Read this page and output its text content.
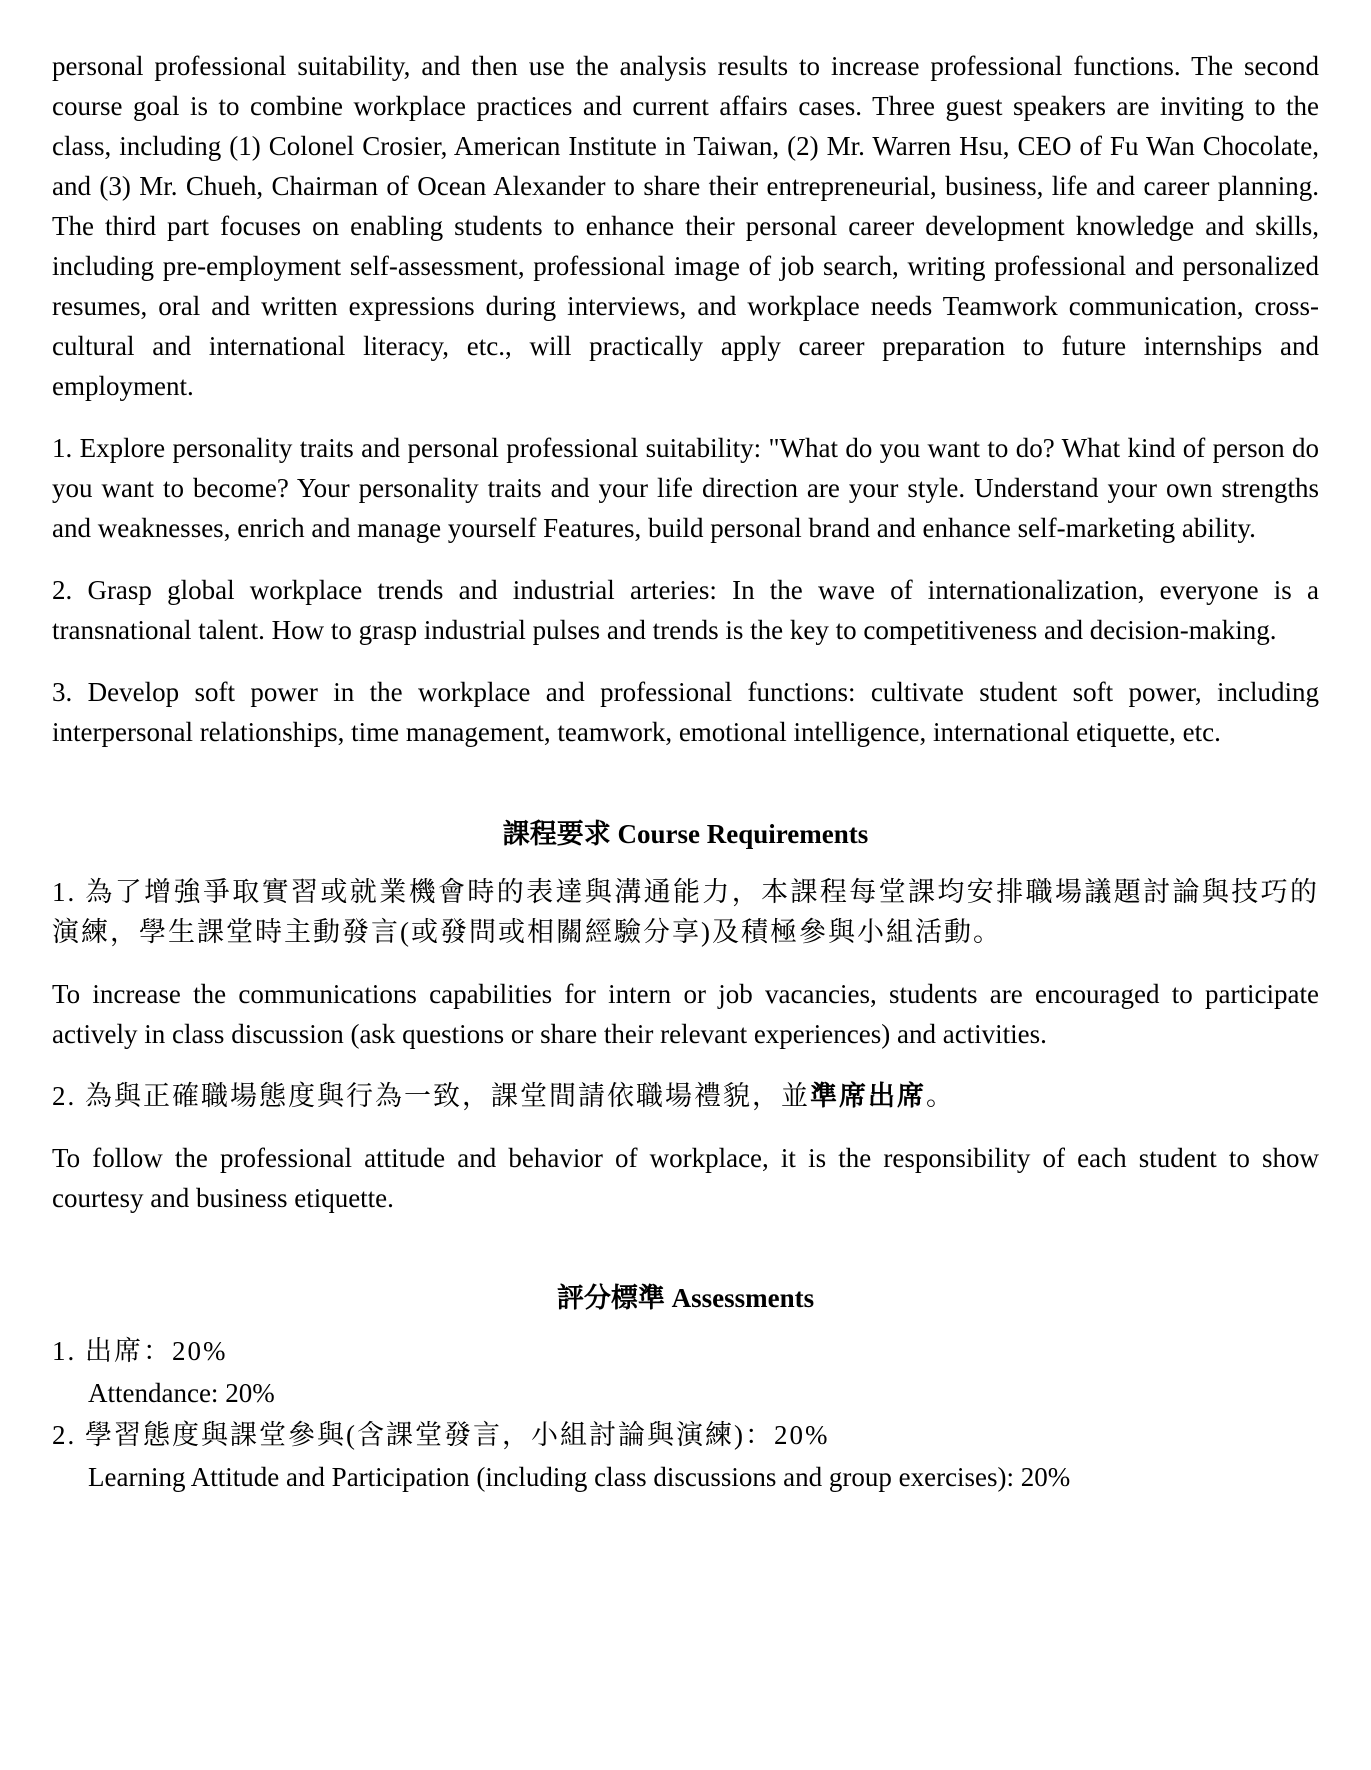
personal professional suitability, and then use the analysis results to increase professional functions. The second course goal is to combine workplace practices and current affairs cases. Three guest speakers are inviting to the class, including (1) Colonel Crosier, American Institute in Taiwan, (2) Mr. Warren Hsu, CEO of Fu Wan Chocolate, and (3) Mr. Chueh, Chairman of Ocean Alexander to share their entrepreneurial, business, life and career planning. The third part focuses on enabling students to enhance their personal career development knowledge and skills, including pre-employment self-assessment, professional image of job search, writing professional and personalized resumes, oral and written expressions during interviews, and workplace needs Teamwork communication, cross-cultural and international literacy, etc., will practically apply career preparation to future internships and employment.

1. Explore personality traits and personal professional suitability: "What do you want to do? What kind of person do you want to become? Your personality traits and your life direction are your style. Understand your own strengths and weaknesses, enrich and manage yourself Features, build personal brand and enhance self-marketing ability.

2. Grasp global workplace trends and industrial arteries: In the wave of internationalization, everyone is a transnational talent. How to grasp industrial pulses and trends is the key to competitiveness and decision-making.

3. Develop soft power in the workplace and professional functions: cultivate student soft power, including interpersonal relationships, time management, teamwork, emotional intelligence, international etiquette, etc.

課程要求 Course Requirements

1. 為了增強爭取實習或就業機會時的表達與溝通能力，本課程每堂課均安排職場議題討論與技巧的演練，學生課堂時主動發言(或發問或相關經驗分享)及積極參與小組活動。

To increase the communications capabilities for intern or job vacancies, students are encouraged to participate actively in class discussion (ask questions or share their relevant experiences) and activities.

2. 為與正確職場態度與行為一致，課堂間請依職場禮貌，並準席出席。

To follow the professional attitude and behavior of workplace, it is the responsibility of each student to show courtesy and business etiquette.

評分標準 Assessments
1. 出席：20%
Attendance: 20%
2. 學習態度與課堂參與(含課堂發言，小組討論與演練)：20%
Learning Attitude and Participation (including class discussions and group exercises): 20%
